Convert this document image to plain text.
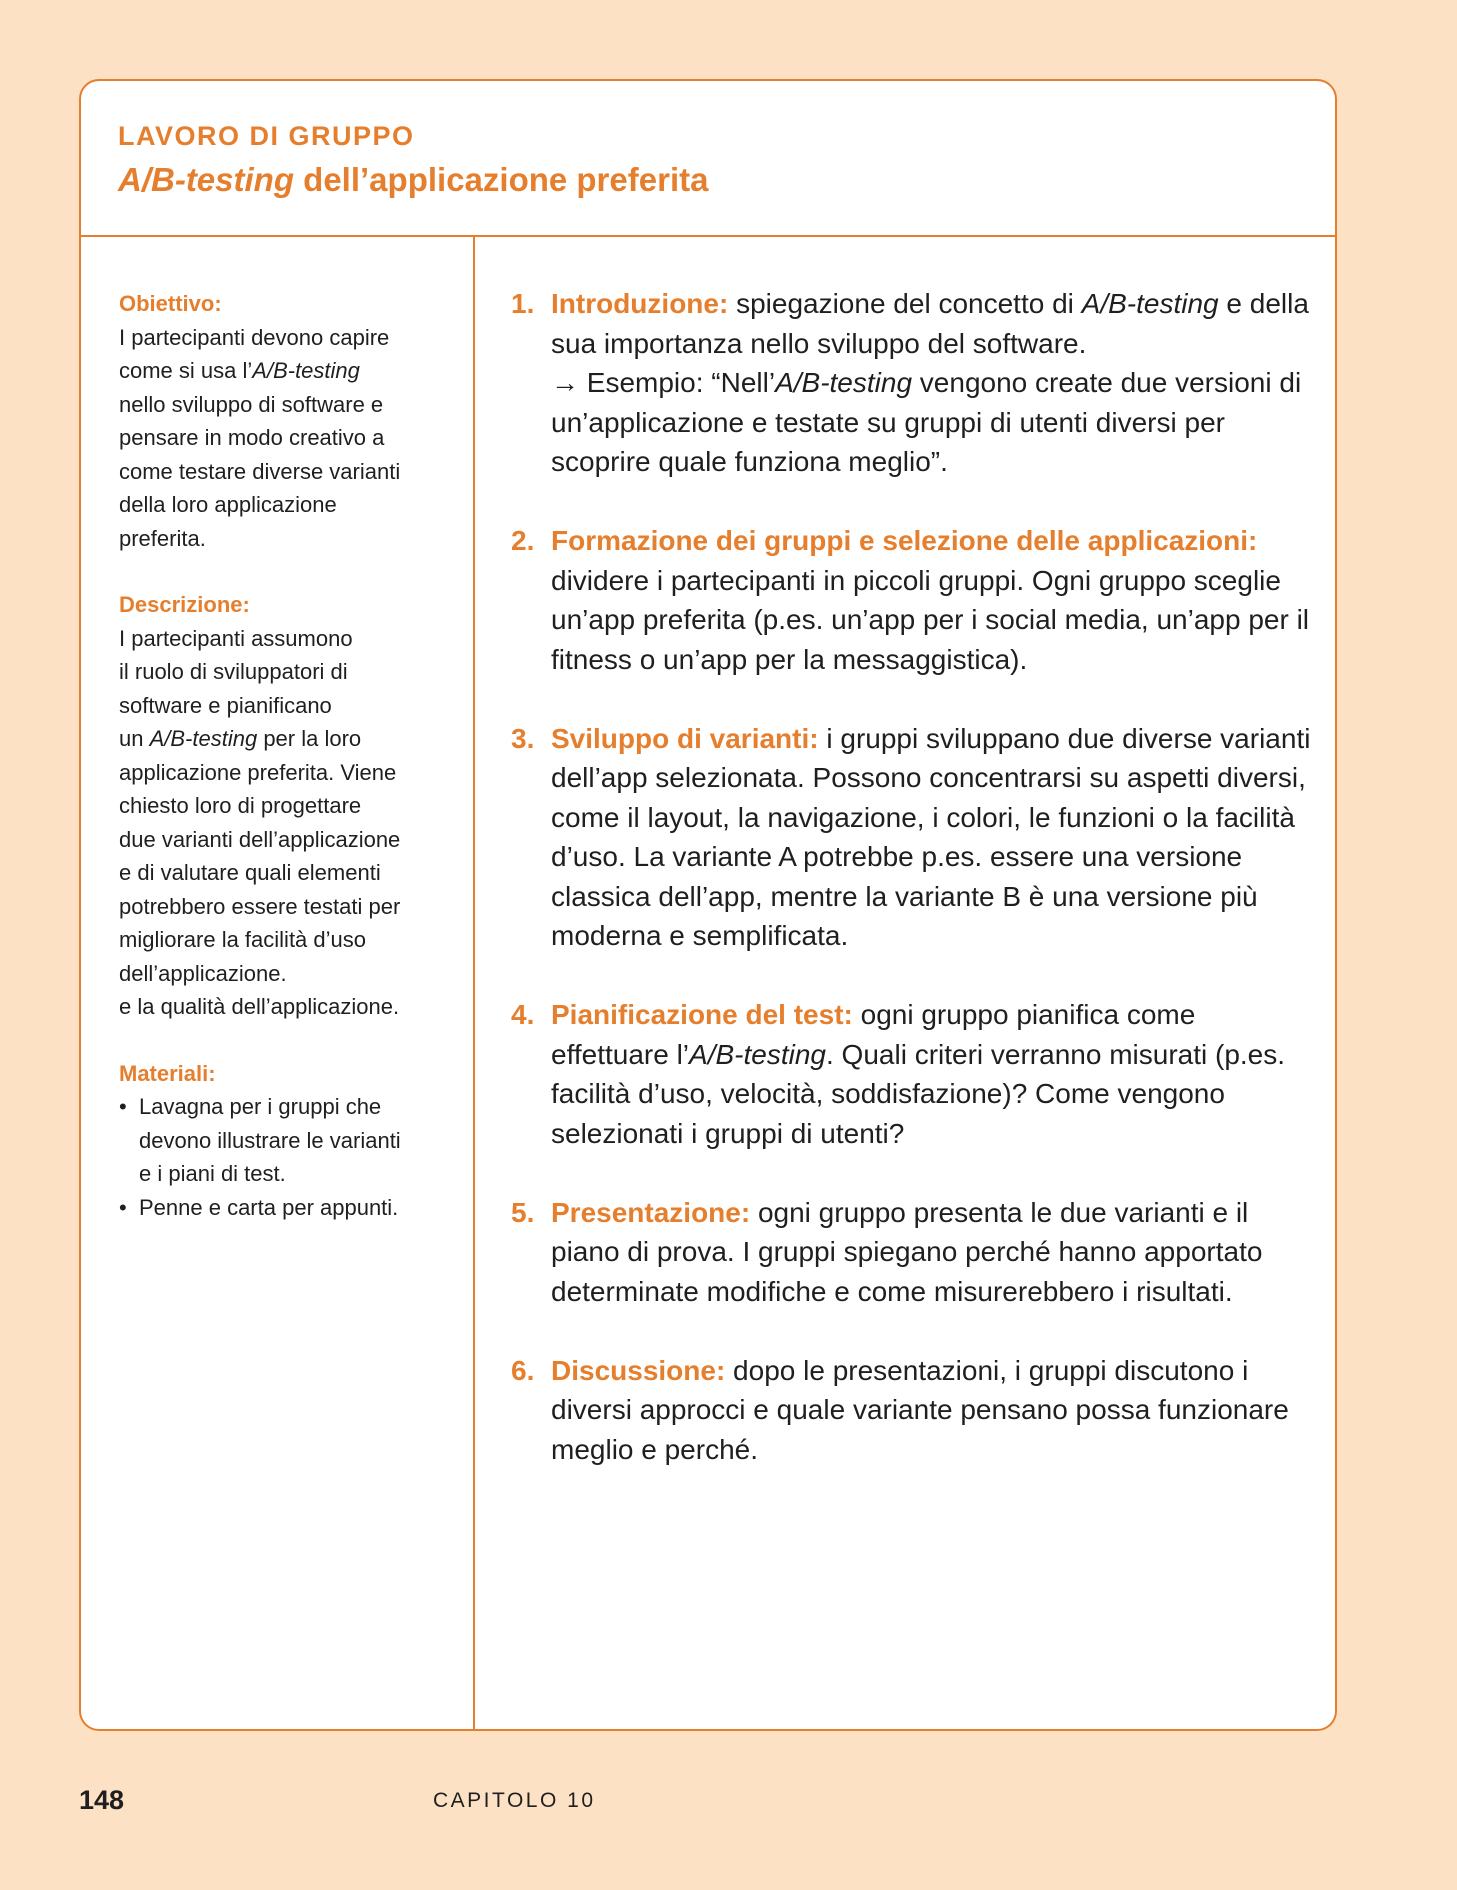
LAVORO DI GRUPPO
A/B-testing dell’applicazione preferita
Obiettivo:
I partecipanti devono capire
come si usa l’A/B-testing
nello sviluppo di software e
pensare in modo creativo a
come testare diverse varianti
della loro applicazione
preferita.
Descrizione:
I partecipanti assumono
il ruolo di sviluppatori di
software e pianificano
un A/B-testing per la loro
applicazione preferita. Viene
chiesto loro di progettare
due varianti dell’applicazione
e di valutare quali elementi
potrebbero essere testati per
migliorare la facilità d’uso
dell’applicazione.
e la qualità dell’applicazione.
Materiali:
• Lavagna per i gruppi che
devono illustrare le varianti
e i piani di test.
• Penne e carta per appunti.
1. Introduzione: spiegazione del concetto di A/B-testing e della sua importanza nello sviluppo del software.
→ Esempio: “Nell’A/B-testing vengono create due versioni di un’applicazione e testate su gruppi di utenti diversi per scoprire quale funziona meglio”.
2. Formazione dei gruppi e selezione delle applicazioni: dividere i partecipanti in piccoli gruppi. Ogni gruppo sceglie un’app preferita (p.es. un’app per i social media, un’app per il fitness o un’app per la messaggistica).
3. Sviluppo di varianti: i gruppi sviluppano due diverse varianti dell’app selezionata. Possono concentrarsi su aspetti diversi, come il layout, la navigazione, i colori, le funzioni o la facilità d’uso. La variante A potrebbe p.es. essere una versione classica dell’app, mentre la variante B è una versione più moderna e semplificata.
4. Pianificazione del test: ogni gruppo pianifica come effettuare l’A/B-testing. Quali criteri verranno misurati (p.es. facilità d’uso, velocità, soddisfazione)? Come vengono selezionati i gruppi di utenti?
5. Presentazione: ogni gruppo presenta le due varianti e il piano di prova. I gruppi spiegano perché hanno apportato determinate modifiche e come misurerebbero i risultati.
6. Discussione: dopo le presentazioni, i gruppi discutono i diversi approcci e quale variante pensano possa funzionare meglio e perché.
148	CAPITOLO 10
